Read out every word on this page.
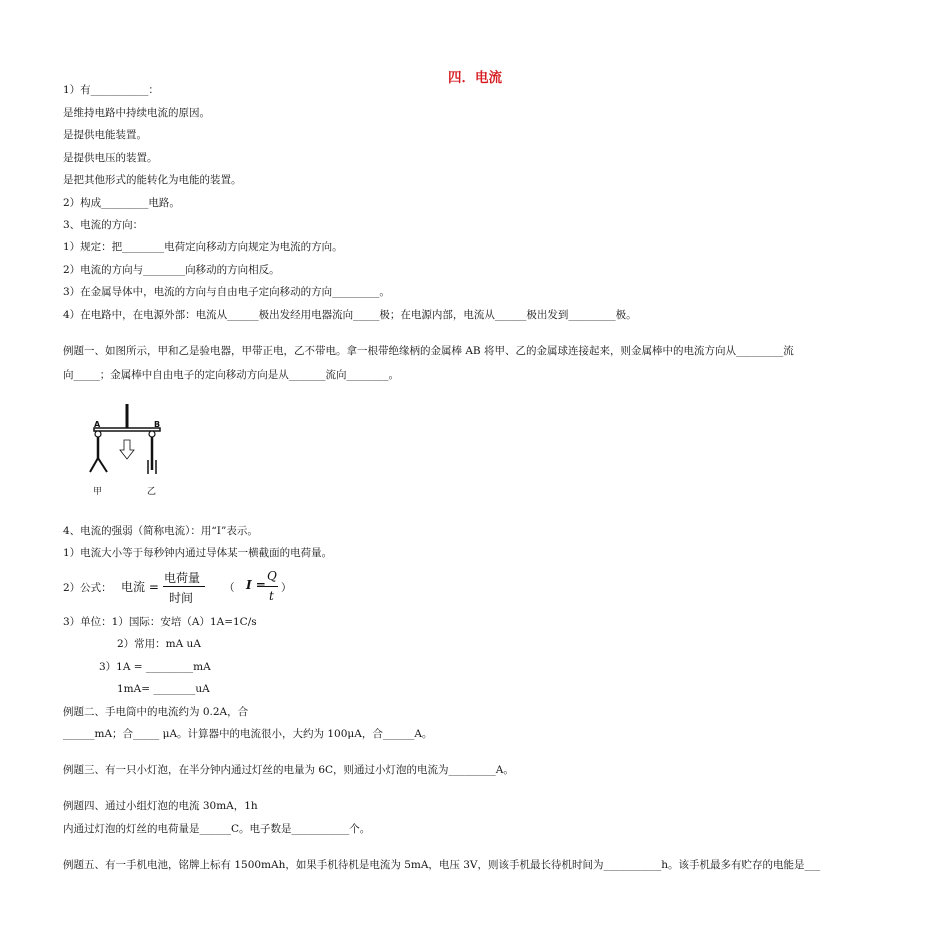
四．电流
1）有___________：
是维持电路中持续电流的原因。
是提供电能装置。
是提供电压的装置。
是把其他形式的能转化为电能的装置。
2）构成_________电路。
3、电流的方向：
1）规定：把________电荷定向移动方向规定为电流的方向。
2）电流的方向与________向移动的方向相反。
3）在金属导体中，电流的方向与自由电子定向移动的方向_________。
4）在电路中，在电源外部：电流从______极出发经用电器流向_____极；在电源内部，电流从______极出发到_________极。
例题一、如图所示，甲和乙是验电器，甲带正电，乙不带电。拿一根带绝缘柄的金属棒 AB 将甲、乙的金属球连接起来，则金属棒中的电流方向从_________流
向_____；金属棒中自由电子的定向移动方向是从_______流向________。
A	B
甲	乙
4、电流的强弱（简称电流）：用“I”表示。
1）电流大小等于每秒钟内通过导体某一横截面的电荷量。
2）公式： 电流 =
电荷量
时间
（ I =
Q
t
）
3）单位：1）国际：安培（A）1A=1C/s
2）常用：mA uA
3）1A = _________mA
1mA= ________uA
例题二、手电筒中的电流约为 0.2A，合
______mA；合_____ μA。计算器中的电流很小，大约为 100μA，合______A。
例题三、有一只小灯泡，在半分钟内通过灯丝的电量为 6C，则通过小灯泡的电流为_________A。
例题四、通过小组灯泡的电流 30mA，1h
内通过灯泡的灯丝的电荷量是______C。电子数是___________个。
例题五、有一手机电池，铭牌上标有 1500mAh，如果手机待机是电流为 5mA，电压 3V，则该手机最长待机时间为___________h。该手机最多有贮存的电能是___
